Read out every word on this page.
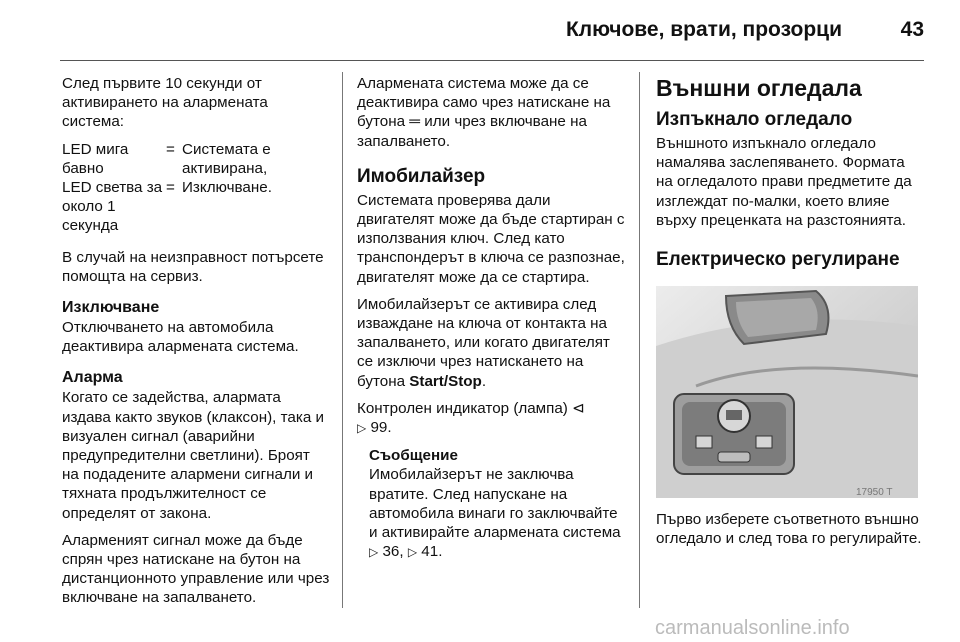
Ключове, врати, прозорци	43

След първите 10 секунди от активирането на алармената система:

LED мига бавно
= Системата е активирана,
LED светва за около 1 секунда
= Изключване.

В случай на неизправност потърсете помощта на сервиз.

Изключване

Отключването на автомобила деактивира алармената система.

Аларма

Когато се задейства, алармата издава както звуков (клаксон), така и визуален сигнал (аварийни предупредителни светлини). Броят на подадените алармени сигнали и тяхната продължителност се определят от закона.

Алармeният сигнал може да бъде спрян чрез натискане на бутон на дистанционното управление или чрез включване на запалването.

Алармената система може да се деактивира само чрез натискане на бутона ═ или чрез включване на запалването.

Имобилайзер

Системата проверява дали двигателят може да бъде стартиран с използвания ключ. След като транспондерът в ключа се разпознае, двигателят може да се стартира.

Имобилайзерът се активира след изваждане на ключа от контакта на запалването, или когато двигателят се изключи чрез натискането на бутона Start/Stop.

Контролен индикатор (лампа) ⊲
▷ 99.

Съобщение
Имобилайзерът не заключва вратите. След напускане на автомобила винаги го заключвайте и активирайте алармената система ▷ 36, ▷ 41.
Външни огледала
Изпъкнало огледало

Външното изпъкнало огледало намалява заслепяването. Формата на огледалото прави предметите да изглеждат по-малки, което влияе върху преценката на разстоянията.

Електрическо регулиране
17950 T

Първо изберете съответното външно огледало и след това го регулирайте.

carmanualsonline.info
